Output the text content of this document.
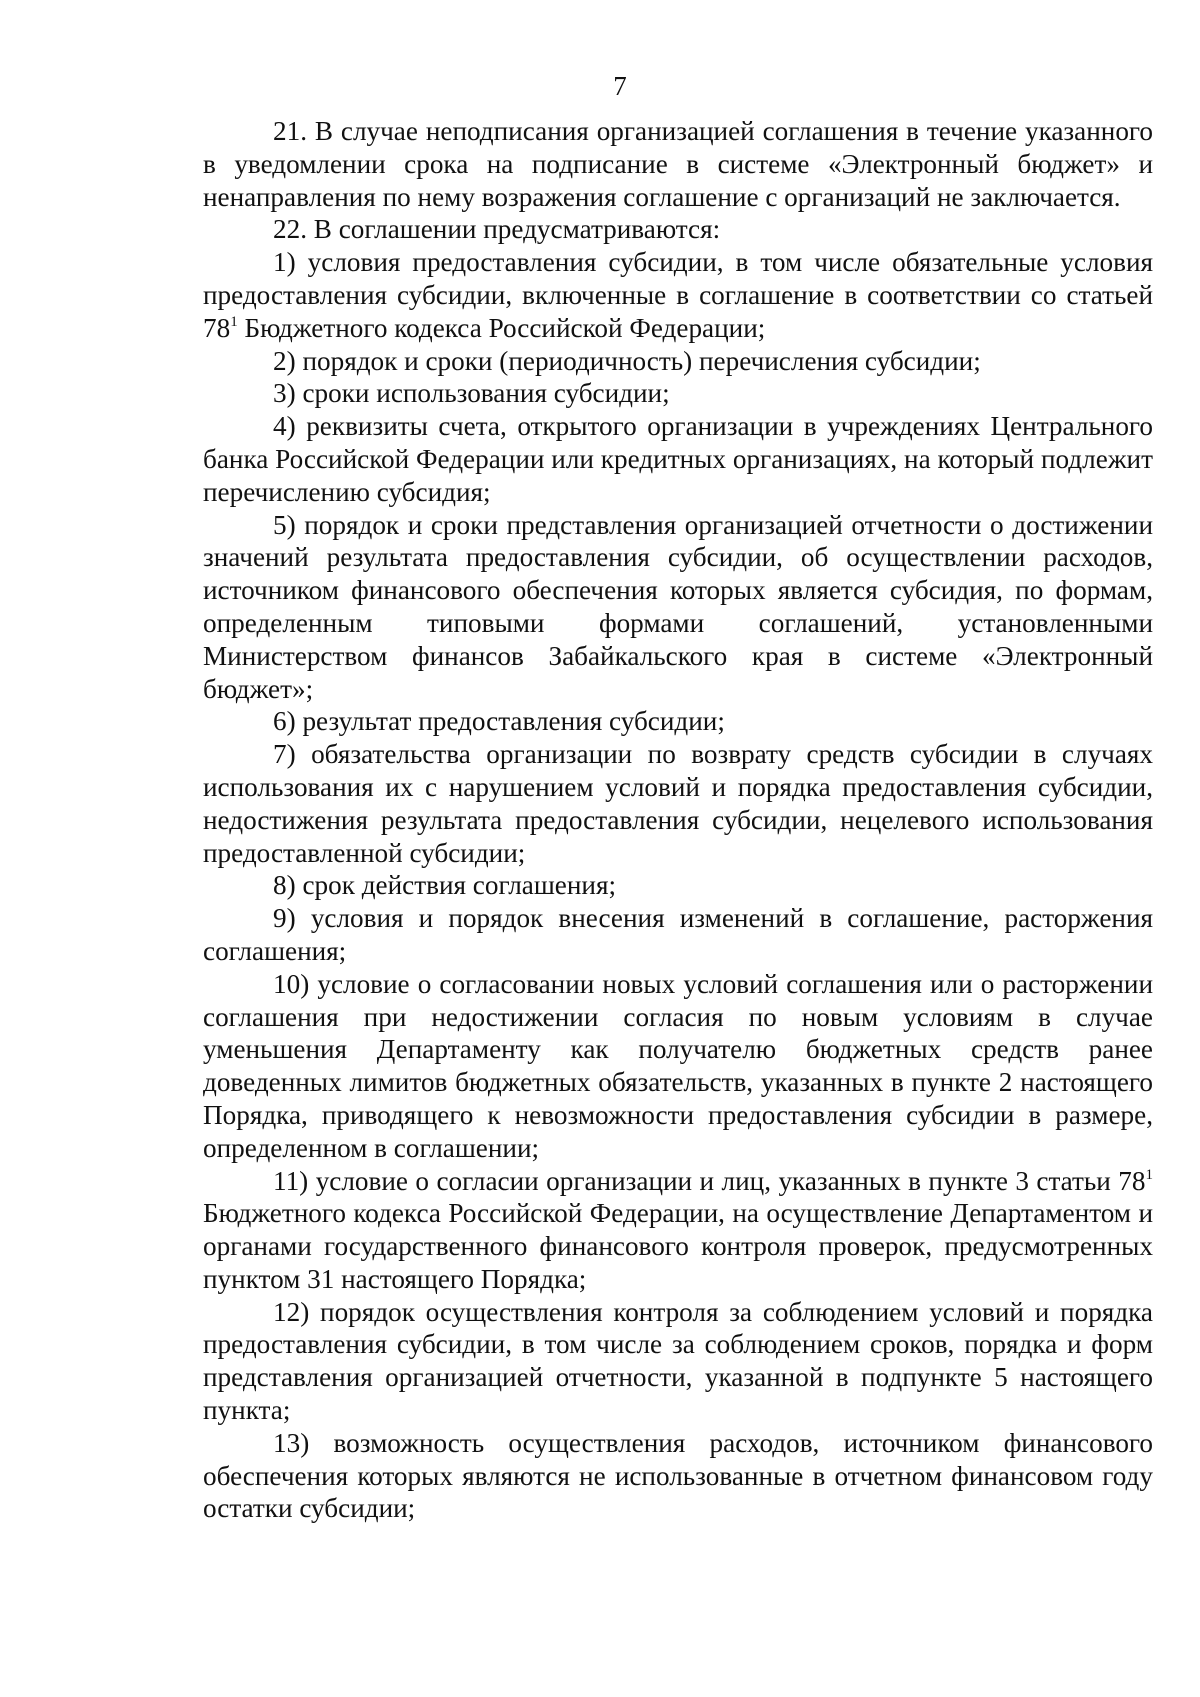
7

21. В случае неподписания организацией соглашения в течение указанного в уведомлении срока на подписание в системе «Электронный бюджет» и ненаправления по нему возражения соглашение с организаций не заключается.

22. В соглашении предусматриваются:

1) условия предоставления субсидии, в том числе обязательные условия предоставления субсидии, включенные в соглашение в соответствии со статьей $78^1$ Бюджетного кодекса Российской Федерации;

2) порядок и сроки (периодичность) перечисления субсидии;

3) сроки использования субсидии;

4) реквизиты счета, открытого организации в учреждениях Центрального банка Российской Федерации или кредитных организациях, на который подлежит перечислению субсидия;

5) порядок и сроки представления организацией отчетности о достижении значений результата предоставления субсидии, об осуществлении расходов, источником финансового обеспечения которых является субсидия, по формам, определенным типовыми формами соглашений, установленными Министерством финансов Забайкальского края в системе «Электронный бюджет»;

6) результат предоставления субсидии;

7) обязательства организации по возврату средств субсидии в случаях использования их с нарушением условий и порядка предоставления субсидии, недостижения результата предоставления субсидии, нецелевого использования предоставленной субсидии;

8) срок действия соглашения;

9) условия и порядок внесения изменений в соглашение, расторжения соглашения;

10) условие о согласовании новых условий соглашения или о расторжении соглашения при недостижении согласия по новым условиям в случае уменьшения Департаменту как получателю бюджетных средств ранее доведенных лимитов бюджетных обязательств, указанных в пункте 2 настоящего Порядка, приводящего к невозможности предоставления субсидии в размере, определенном в соглашении;

11) условие о согласии организации и лиц, указанных в пункте 3 статьи $78^1$ Бюджетного кодекса Российской Федерации, на осуществление Департаментом и органами государственного финансового контроля проверок, предусмотренных пунктом 31 настоящего Порядка;

12) порядок осуществления контроля за соблюдением условий и порядка предоставления субсидии, в том числе за соблюдением сроков, порядка и форм представления организацией отчетности, указанной в подпункте 5 настоящего пункта;

13) возможность осуществления расходов, источником финансового обеспечения которых являются не использованные в отчетном финансовом году остатки субсидии;
